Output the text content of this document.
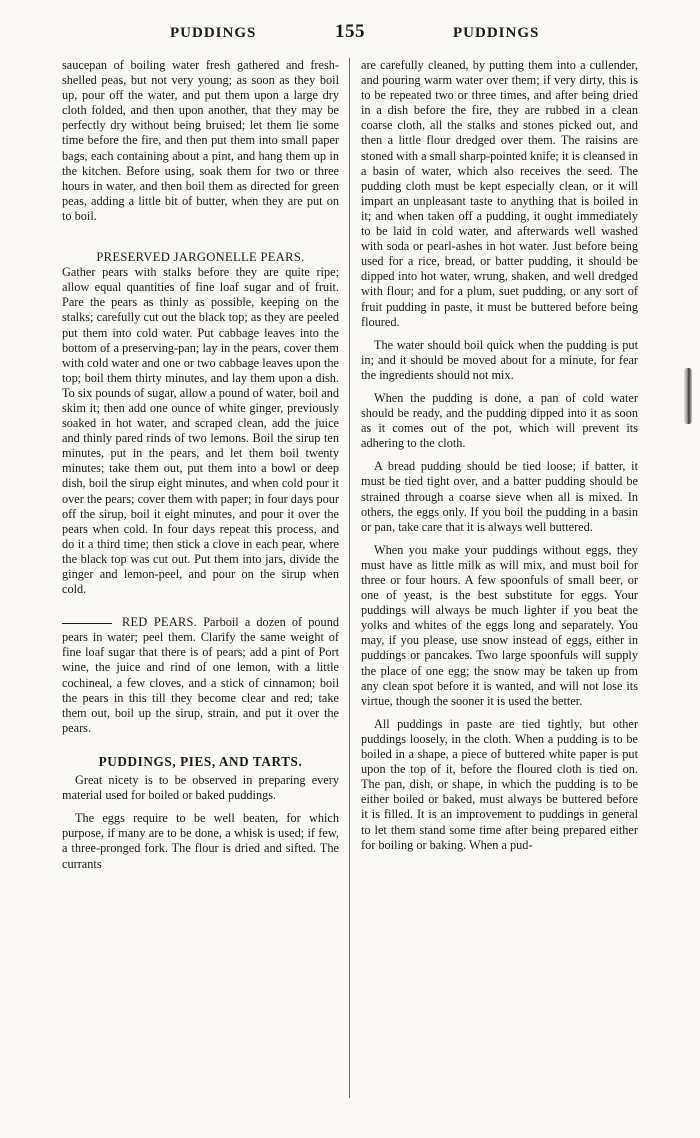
PUDDINGS	155	PUDDINGS

saucepan of boiling water fresh gathered and fresh-shelled peas, but not very young; as soon as they boil up, pour off the water, and put them upon a large dry cloth folded, and then upon another, that they may be perfectly dry without being bruised; let them lie some time before the fire, and then put them into small paper bags, each containing about a pint, and hang them up in the kitchen. Before using, soak them for two or three hours in water, and then boil them as directed for green peas, adding a little bit of butter, when they are put on to boil.

PRESERVED JARGONELLE PEARS.

Gather pears with stalks before they are quite ripe; allow equal quantities of fine loaf sugar and of fruit. Pare the pears as thinly as possible, keeping on the stalks; carefully cut out the black top; as they are peeled put them into cold water. Put cabbage leaves into the bottom of a preserving-pan; lay in the pears, cover them with cold water and one or two cabbage leaves upon the top; boil them thirty minutes, and lay them upon a dish. To six pounds of sugar, allow a pound of water, boil and skim it; then add one ounce of white ginger, previously soaked in hot water, and scraped clean, add the juice and thinly pared rinds of two lemons. Boil the sirup ten minutes, put in the pears, and let them boil twenty minutes; take them out, put them into a bowl or deep dish, boil the sirup eight minutes, and when cold pour it over the pears; cover them with paper; in four days pour off the sirup, boil it eight minutes, and pour it over the pears when cold. In four days repeat this process, and do it a third time; then stick a clove in each pear, where the black top was cut out. Put them into jars, divide the ginger and lemon-peel, and pour on the sirup when cold.

RED PEARS. Parboil a dozen of pound pears in water; peel them. Clarify the same weight of fine loaf sugar that there is of pears; add a pint of Port wine, the juice and rind of one lemon, with a little cochineal, a few cloves, and a stick of cinnamon; boil the pears in this till they become clear and red; take them out, boil up the sirup, strain, and put it over the pears.

PUDDINGS, PIES, AND TARTS.

Great nicety is to be observed in preparing every material used for boiled or baked puddings.

The eggs require to be well beaten, for which purpose, if many are to be done, a whisk is used; if few, a three-pronged fork. The flour is dried and sifted. The currants

are carefully cleaned, by putting them into a cullender, and pouring warm water over them; if very dirty, this is to be repeated two or three times, and after being dried in a dish before the fire, they are rubbed in a clean coarse cloth, all the stalks and stones picked out, and then a little flour dredged over them. The raisins are stoned with a small sharp-pointed knife; it is cleansed in a basin of water, which also receives the seed. The pudding cloth must be kept especially clean, or it will impart an unpleasant taste to anything that is boiled in it; and when taken off a pudding, it ought immediately to be laid in cold water, and afterwards well washed with soda or pearl-ashes in hot water. Just before being used for a rice, bread, or batter pudding, it should be dipped into hot water, wrung, shaken, and well dredged with flour; and for a plum, suet pudding, or any sort of fruit pudding in paste, it must be buttered before being floured.

The water should boil quick when the pudding is put in; and it should be moved about for a minute, for fear the ingredients should not mix.

When the pudding is done, a pan of cold water should be ready, and the pudding dipped into it as soon as it comes out of the pot, which will prevent its adhering to the cloth.

A bread pudding should be tied loose; if batter, it must be tied tight over, and a batter pudding should be strained through a coarse sieve when all is mixed. In others, the eggs only. If you boil the pudding in a basin or pan, take care that it is always well buttered.

When you make your puddings without eggs, they must have as little milk as will mix, and must boil for three or four hours. A few spoonfuls of small beer, or one of yeast, is the best substitute for eggs. Your puddings will always be much lighter if you beat the yolks and whites of the eggs long and separately. You may, if you please, use snow instead of eggs, either in puddings or pancakes. Two large spoonfuls will supply the place of one egg; the snow may be taken up from any clean spot before it is wanted, and will not lose its virtue, though the sooner it is used the better.

All puddings in paste are tied tightly, but other puddings loosely, in the cloth. When a pudding is to be boiled in a shape, a piece of buttered white paper is put upon the top of it, before the floured cloth is tied on. The pan, dish, or shape, in which the pudding is to be either boiled or baked, must always be buttered before it is filled. It is an improvement to puddings in general to let them stand some time after being prepared either for boiling or baking. When a pud-
